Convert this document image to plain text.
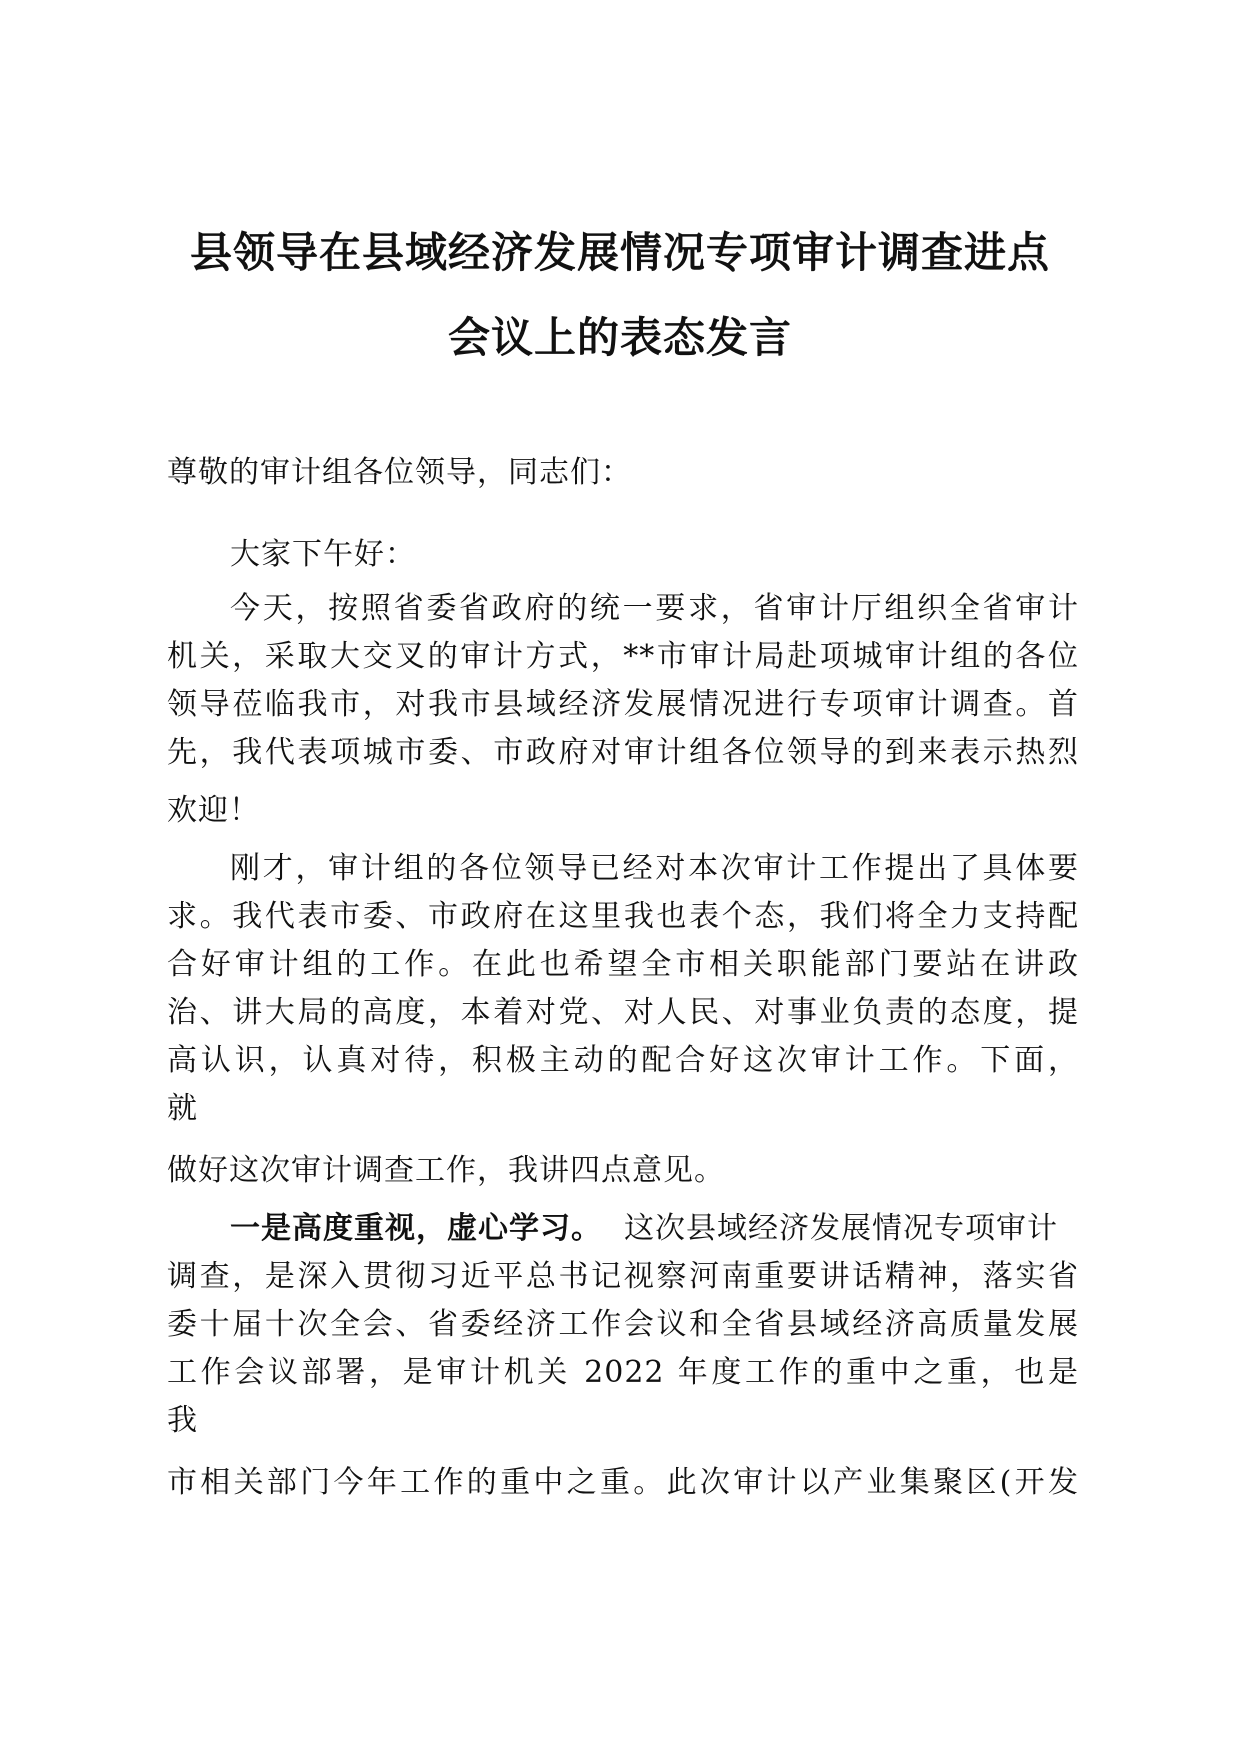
县领导在县域经济发展情况专项审计调查进点
会议上的表态发言
尊敬的审计组各位领导，同志们：
大家下午好：
今天，按照省委省政府的统一要求，省审计厅组织全省审计
机关，采取大交叉的审计方式，**市审计局赴项城审计组的各位
领导莅临我市，对我市县域经济发展情况进行专项审计调查。首
先，我代表项城市委、市政府对审计组各位领导的到来表示热烈
欢迎！
刚才，审计组的各位领导已经对本次审计工作提出了具体要
求。我代表市委、市政府在这里我也表个态，我们将全力支持配
合好审计组的工作。在此也希望全市相关职能部门要站在讲政
治、讲大局的高度，本着对党、对人民、对事业负责的态度，提
高认识，认真对待，积极主动的配合好这次审计工作。下面，
就
做好这次审计调查工作，我讲四点意见。
一是高度重视，虚心学习。 这次县域经济发展情况专项审计
调查，是深入贯彻习近平总书记视察河南重要讲话精神，落实省
委十届十次全会、省委经济工作会议和全省县域经济高质量发展
工作会议部署，是审计机关 2022 年度工作的重中之重，也是
我
市相关部门今年工作的重中之重。此次审计以产业集聚区(开发
